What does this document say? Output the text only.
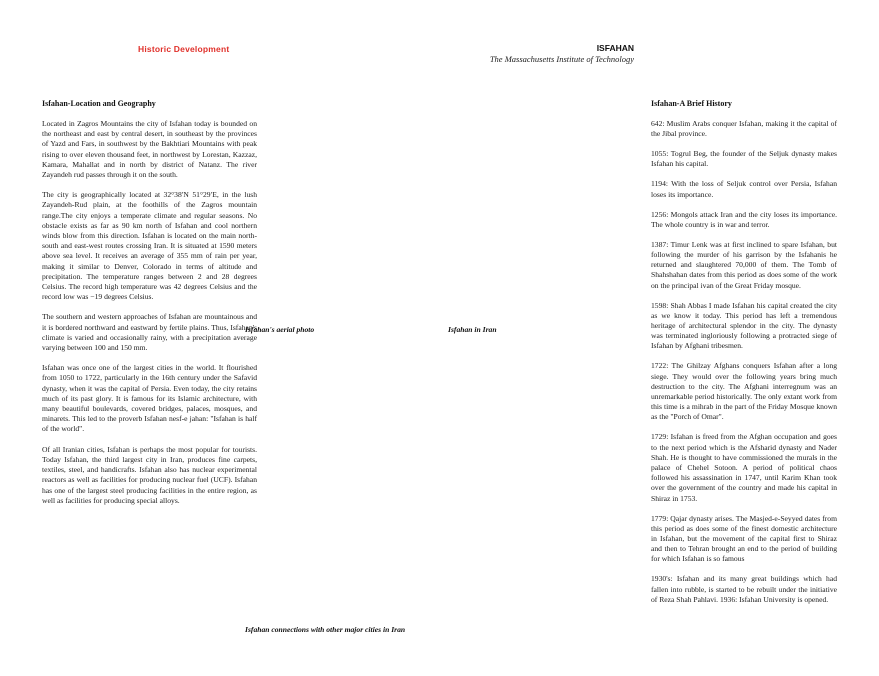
Historic Development	ISFAHAN
The Massachusetts Institute of Technology
Isfahan-Location and Geography

Located in Zagros Mountains the city of Isfahan today is bounded on the northeast and east by central desert, in southeast by the provinces of Yazd and Fars, in southwest by the Bakhtiari Mountains with peak rising to over eleven thousand feet, in northwest by Lorestan, Kazzaz, Kamara, Mahallat and in north by district of Natanz. The river Zayandeh rud passes through it on the south.

The city is geographically located at 32°38′N 51°29′E, in the lush Zayandeh-Rud plain, at the foothills of the Zagros mountain range.The city enjoys a temperate climate and regular seasons. No obstacle exists as far as 90 km north of Isfahan and cool northern winds blow from this direction. Isfahan is located on the main north-south and east-west routes crossing Iran. It is situated at 1590 meters above sea level. It receives an average of 355 mm of rain per year, making it similar to Denver, Colorado in terms of altitude and precipitation. The temperature ranges between 2 and 28 degrees Celsius. The record high temperature was 42 degrees Celsius and the record low was −19 degrees Celsius.

The southern and western approaches of Isfahan are mountainous and it is bordered northward and eastward by fertile plains. Thus, Isfahan's climate is varied and occasionally rainy, with a precipitation average varying between 100 and 150 mm.

Isfahan was once one of the largest cities in the world. It flourished from 1050 to 1722, particularly in the 16th century under the Safavid dynasty, when it was the capital of Persia. Even today, the city retains much of its past glory. It is famous for its Islamic architecture, with many beautiful boulevards, covered bridges, palaces, mosques, and minarets. This led to the proverb Isfahan nesf-e jahan: "Isfahan is half of the world".

Of all Iranian cities, Isfahan is perhaps the most popular for tourists. Today Isfahan, the third largest city in Iran, produces fine carpets, textiles, steel, and handicrafts. Isfahan also has nuclear experimental reactors as well as facilities for producing nuclear fuel (UCF). Isfahan has one of the largest steel producing facilities in the entire region, as well as facilities for producing special alloys.

Isfahan's aerial photo	Isfahan in Iran
Isfahan connections with other major cities in Iran
Isfahan-A Brief History

642: Muslim Arabs conquer Isfahan, making it the capital of the Jibal province.

1055: Togrul Beg, the founder of the Seljuk dynasty makes Isfahan his capital.

1194: With the loss of Seljuk control over Persia, Isfahan loses its importance.

1256: Mongols attack Iran and the city loses its importance. The whole country is in war and terror.

1387: Timur Lenk was at first inclined to spare Isfahan, but following the murder of his garrison by the Isfahanis he returned and slaughtered 70,000 of them. The Tomb of Shahshahan dates from this period as does some of the work on the principal ivan of the Great Friday mosque.

1598: Shah Abbas I made Isfahan his capital created the city as we know it today. This period has left a tremendous heritage of architectural splendor in the city. The dynasty was terminated ingloriously following a protracted siege of Isfahan by Afghani tribesmen.

1722: The Ghilzay Afghans conquers Isfahan after a long siege. They would over the following years bring much destruction to the city. The Afghani interregnum was an unremarkable period historically. The only extant work from this time is a mihrab in the part of the Friday Mosque known as the "Porch of Omar".

1729: Isfahan is freed from the Afghan occupation and goes to the next period which is the Afsharid dynasty and Nader Shah. He is thought to have commissioned the murals in the palace of Chehel Sotoon. A period of political chaos followed his assassination in 1747, until Karim Khan took over the government of the country and made his capital in Shiraz in 1753.

1779: Qajar dynasty arises. The Masjed-e-Seyyed dates from this period as does some of the finest domestic architecture in Isfahan, but the movement of the capital first to Shiraz and then to Tehran brought an end to the period of building for which Isfahan is so famous

1930's: Isfahan and its many great buildings which had fallen into rubble, is started to be rebuilt under the initiative of Reza Shah Pahlavi. 1936: Isfahan University is opened.
